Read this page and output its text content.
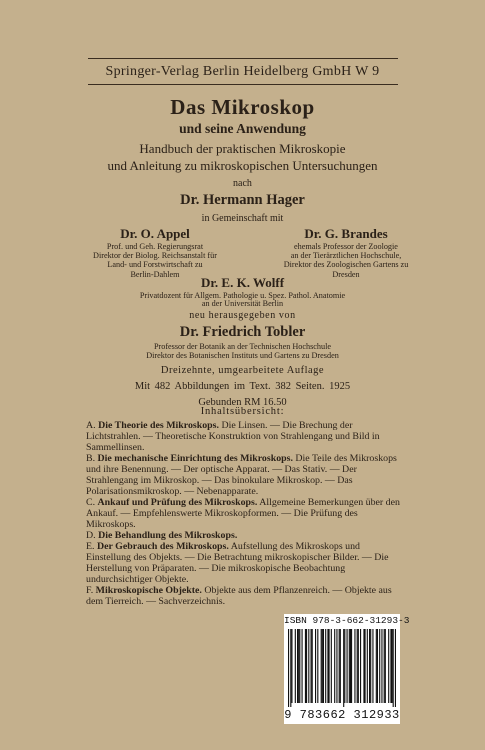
Springer-Verlag Berlin Heidelberg GmbH W 9
Das Mikroskop
und seine Anwendung
Handbuch der praktischen Mikroskopie
und Anleitung zu mikroskopischen Untersuchungen
nach
Dr. Hermann Hager
in Gemeinschaft mit
Dr. O. Appel
Prof. und Geh. Regierungsrat
Direktor der Biolog. Reichsanstalt für
Land- und Forstwirtschaft zu
Berlin-Dahlem
Dr. G. Brandes
ehemals Professor der Zoologie
an der Tierärztlichen Hochschule,
Direktor des Zoologischen Gartens zu
Dresden
Dr. E. K. Wolff
Privatdozent für Allgem. Pathologie u. Spez. Pathol. Anatomie
an der Universität Berlin
neu herausgegeben von
Dr. Friedrich Tobler
Professor der Botanik an der Technischen Hochschule
Direktor des Botanischen Instituts und Gartens zu Dresden
Dreizehnte, umgearbeitete Auflage
Mit 482 Abbildungen im Text. 382 Seiten. 1925
Gebunden RM 16.50
Inhaltsübersicht:

A. Die Theorie des Mikroskops. Die Linsen. — Die Brechung der Lichtstrahlen. — Theoretische Konstruktion von Strahlengang und Bild in Sammellinsen.

B. Die mechanische Einrichtung des Mikroskops. Die Teile des Mikroskops und ihre Benennung. — Der optische Apparat. — Das Stativ. — Der Strahlengang im Mikroskop. — Das binokulare Mikroskop. — Das Polarisationsmikroskop. — Nebenapparate.

C. Ankauf und Prüfung des Mikroskops. Allgemeine Bemerkungen über den Ankauf. — Empfehlenswerte Mikroskopformen. — Die Prüfung des Mikroskops.

D. Die Behandlung des Mikroskops.

E. Der Gebrauch des Mikroskops. Aufstellung des Mikroskops und Einstellung des Objekts. — Die Betrachtung mikroskopischer Bilder. — Die Herstellung von Präparaten. — Die mikroskopische Beobachtung undurchsichtiger Objekte.

F. Mikroskopische Objekte. Objekte aus dem Pflanzenreich. — Objekte aus dem Tierreich. — Sachverzeichnis.

ISBN 978-3-662-31293-3
9 783662 312933
